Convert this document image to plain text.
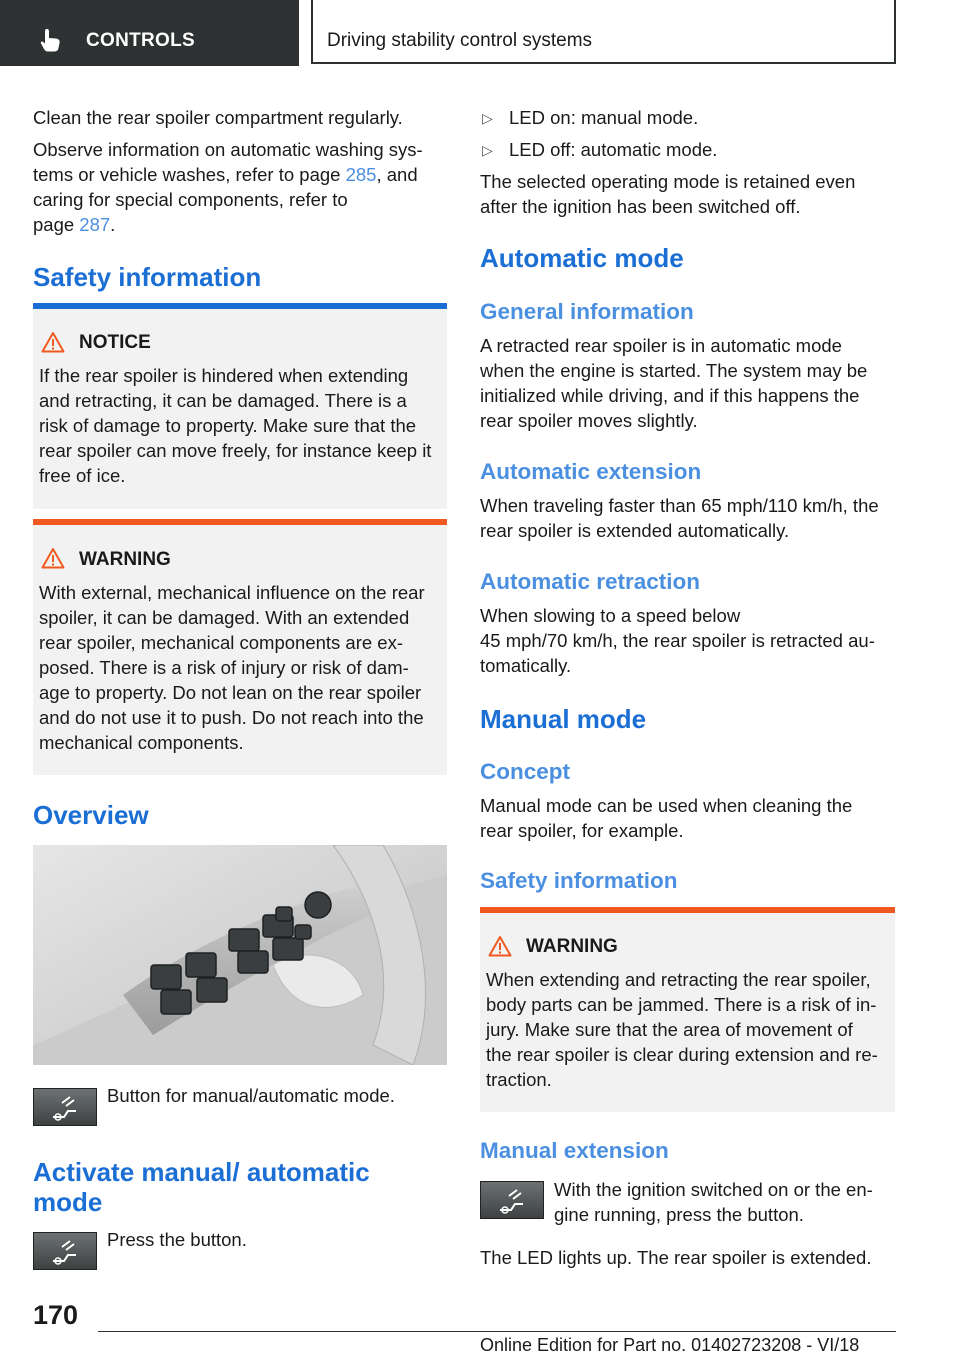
CONTROLS	Driving stability control systems

Clean the rear spoiler compartment regularly.

Observe information on automatic washing sys‐
tems or vehicle washes, refer to page 285, and
caring for special components, refer to
page 287.
Safety information
NOTICE
If the rear spoiler is hindered when extending
and retracting, it can be damaged. There is a
risk of damage to property. Make sure that the
rear spoiler can move freely, for instance keep it
free of ice.
WARNING
With external, mechanical influence on the rear
spoiler, it can be damaged. With an extended
rear spoiler, mechanical components are ex‐
posed. There is a risk of injury or risk of dam‐
age to property. Do not lean on the rear spoiler
and do not use it to push. Do not reach into the
mechanical components.
Overview

Button for manual/automatic mode.

Activate manual/ automatic
mode

Press the button.

▷ LED on: manual mode.

▷ LED off: automatic mode.

The selected operating mode is retained even
after the ignition has been switched off.
Automatic mode
General information
A retracted rear spoiler is in automatic mode
when the engine is started. The system may be
initialized while driving, and if this happens the
rear spoiler moves slightly.
Automatic extension
When traveling faster than 65 mph/110 km/h, the
rear spoiler is extended automatically.
Automatic retraction
When slowing to a speed below
45 mph/70 km/h, the rear spoiler is retracted au‐
tomatically.
Manual mode
Concept
Manual mode can be used when cleaning the
rear spoiler, for example.
Safety information
WARNING
When extending and retracting the rear spoiler,
body parts can be jammed. There is a risk of in‐
jury. Make sure that the area of movement of
the rear spoiler is clear during extension and re‐
traction.
Manual extension
With the ignition switched on or the en‐
gine running, press the button.

The LED lights up. The rear spoiler is extended.

170
Online Edition for Part no. 01402723208 - VI/18
